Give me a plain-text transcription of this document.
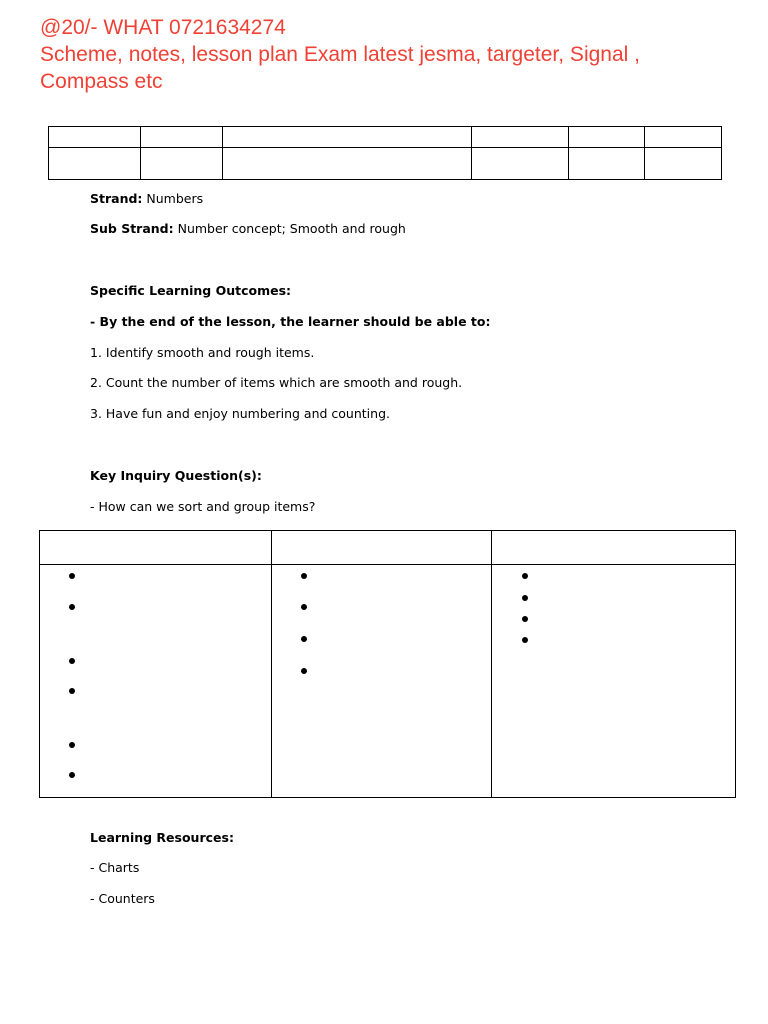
@20/- WHAT 0721634274
Scheme, notes, lesson plan Exam latest jesma, targeter, Signal ,
Compass etc

Strand: Numbers
Sub Strand: Number concept; Smooth and rough
Specific Learning Outcomes:
- By the end of the lesson, the learner should be able to:
1. Identify smooth and rough items.
2. Count the number of items which are smooth and rough.
3. Have fun and enjoy numbering and counting.
Key Inquiry Question(s):
- How can we sort and group items?

Learning Resources:
- Charts
- Counters
